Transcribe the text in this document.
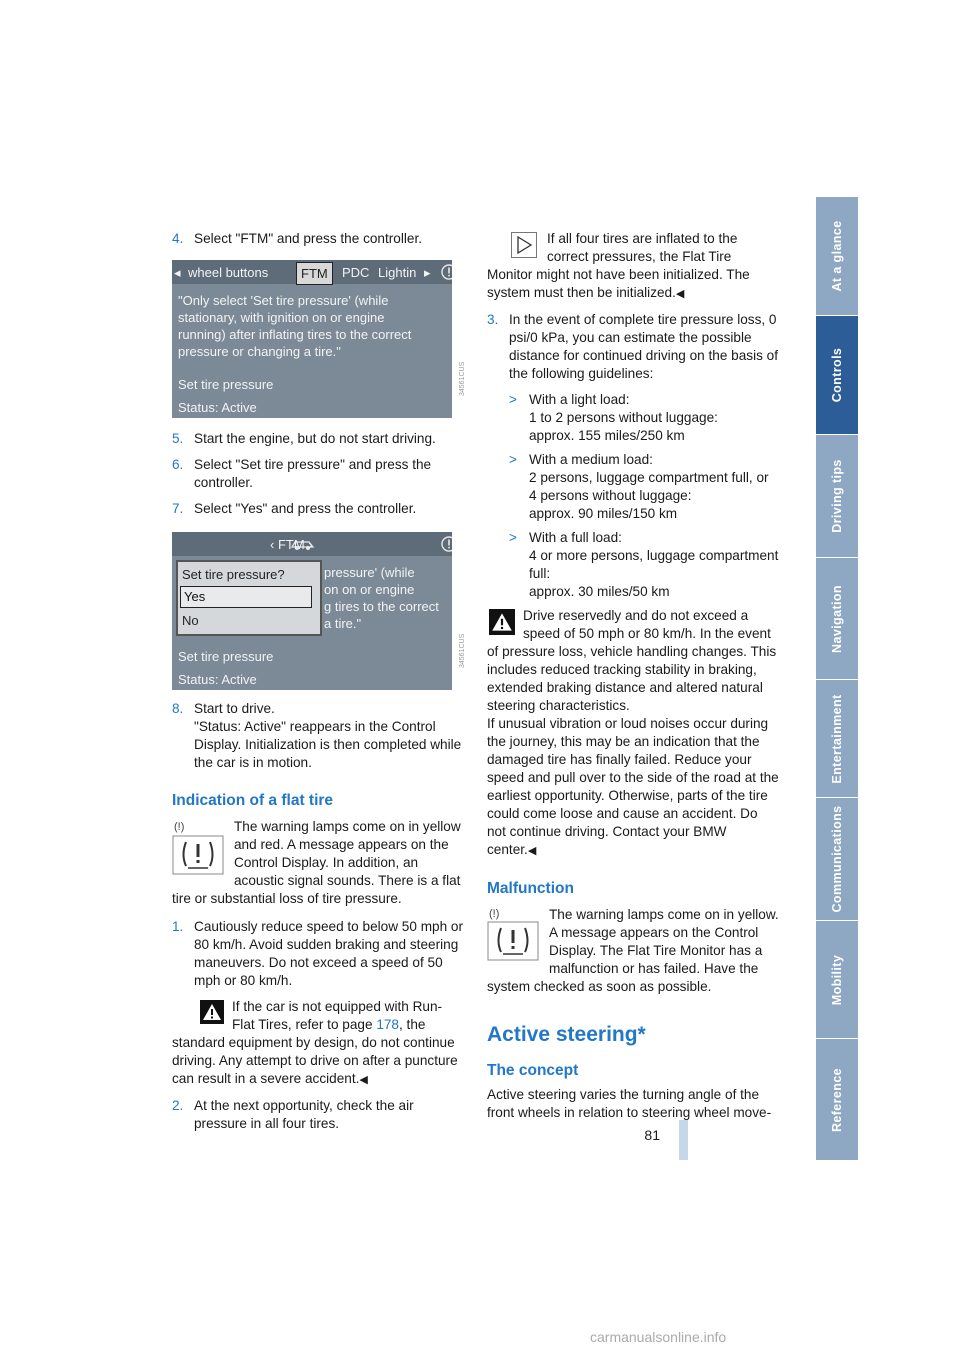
4. Select "FTM" and press the controller.

◂ wheel buttons	FTM	PDC Lightin ▸
"Only select 'Set tire pressure' (while
stationary, with ignition on or engine
running) after inflating tires to the correct
pressure or changing a tire."
Set tire pressure
Status: Active
34561CUS
5. Start the engine, but do not start driving.

6. Select "Set tire pressure" and press the controller.

7. Select "Yes" and press the controller.

‹ FTM ›
Set tire pressure?
Yes
No
pressure' (while
on on or engine
g tires to the correct
a tire."
Set tire pressure
Status: Active
34561CUS
8. Start to drive.

"Status: Active" reappears in the Control Display. Initialization is then completed while the car is in motion.

Indication of a flat tire
(!)	The warning lamps come on in yellow and red. A message appears on the Control Display. In addition, an acoustic signal sounds. There is a flat tire or substantial loss of tire pressure.

1. Cautiously reduce speed to below 50 mph or 80 km/h. Avoid sudden braking and steering maneuvers. Do not exceed a speed of 50 mph or 80 km/h.

If the car is not equipped with Run-Flat Tires, refer to page 178, the standard equipment by design, do not continue driving. Any attempt to drive on after a puncture can result in a severe accident.◀

2. At the next opportunity, check the air pressure in all four tires.

If all four tires are inflated to the correct pressures, the Flat Tire Monitor might not have been initialized. The system must then be initialized.◀

3. In the event of complete tire pressure loss, 0 psi/0 kPa, you can estimate the possible distance for continued driving on the basis of the following guidelines:

> With a light load:

1 to 2 persons without luggage:

approx. 155 miles/250 km

> With a medium load:

2 persons, luggage compartment full, or 4 persons without luggage:

approx. 90 miles/150 km

> With a full load:

4 or more persons, luggage compartment full:

approx. 30 miles/50 km

Drive reservedly and do not exceed a speed of 50 mph or 80 km/h. In the event of pressure loss, vehicle handling changes. This includes reduced tracking stability in braking, extended braking distance and altered natural steering characteristics.

If unusual vibration or loud noises occur during the journey, this may be an indication that the damaged tire has finally failed. Reduce your speed and pull over to the side of the road at the earliest opportunity. Otherwise, parts of the tire could come loose and cause an accident. Do not continue driving. Contact your BMW center.◀

Malfunction
(!)	The warning lamps come on in yellow. A message appears on the Control Display. The Flat Tire Monitor has a malfunction or has failed. Have the system checked as soon as possible.

Active steering*
The concept

Active steering varies the turning angle of the front wheels in relation to steering wheel move-

At a glance
Controls
Driving tips
Navigation
Entertainment
Communications
Mobility
Reference
81
carmanualsonline.info
